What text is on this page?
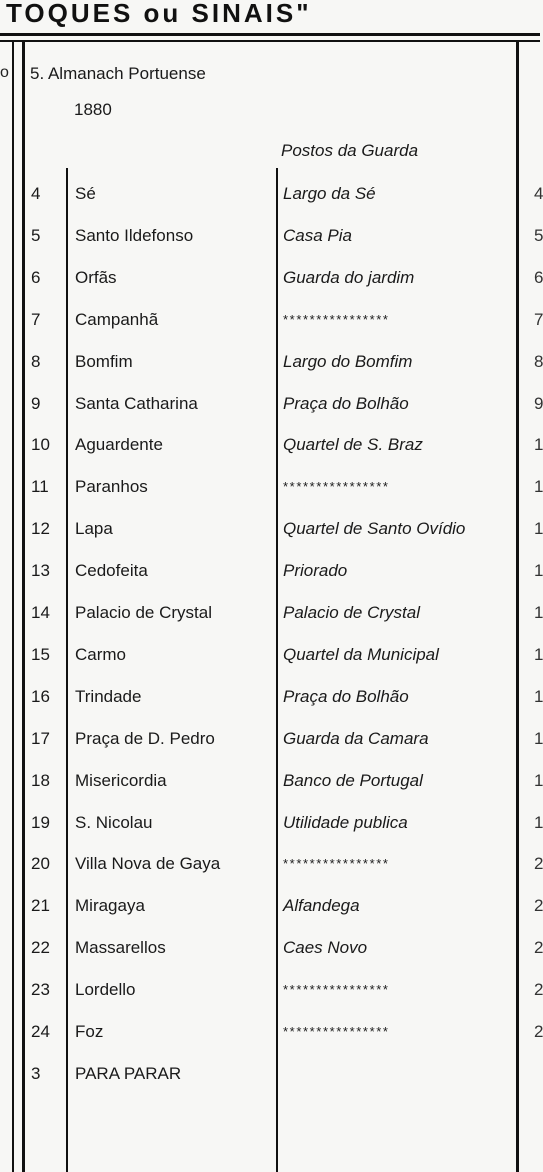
TOQUES ou SINAIS"
o 5. Almanach Portuense
1880
Postos da Guarda
4 Sé	Largo da Sé	4
5 Santo Ildefonso	Casa Pia	5
6 Orfãs	Guarda do jardim	6
7 Campanhã	****************	7
8 Bomfim	Largo do Bomfim	8
9 Santa Catharina	Praça do Bolhão	9
10 Aguardente	Quartel de S. Braz	1
11 Paranhos	****************	1
12 Lapa	Quartel de Santo Ovídio	1
13 Cedofeita	Priorado	1
14 Palacio de Crystal	Palacio de Crystal	1
15 Carmo	Quartel da Municipal	1
16 Trindade	Praça do Bolhão	1
17 Praça de D. Pedro	Guarda da Camara	1
18 Misericordia	Banco de Portugal	1
19 S. Nicolau	Utilidade publica	1
20 Villa Nova de Gaya	****************	2
21 Miragaya	Alfandega	2
22 Massarellos	Caes Novo	2
23 Lordello	****************	2
24 Foz	****************	2
3 PARA PARAR
